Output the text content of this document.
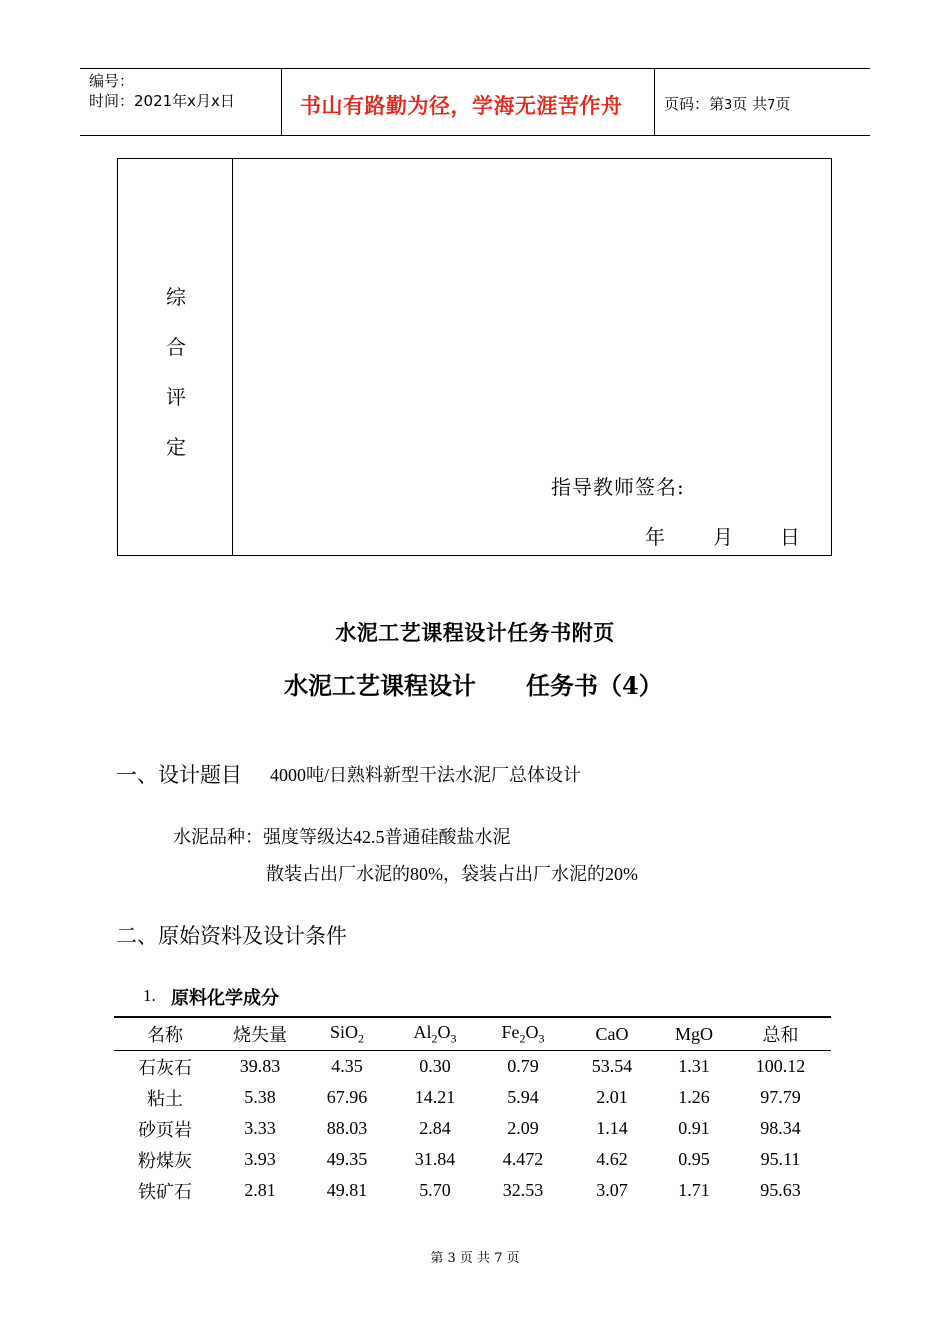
编号：
时间：2021年x月x日	书山有路勤为径，学海无涯苦作舟	页码：第3页 共7页
综
合
评
定
指导教师签名:
年 月 日
水泥工艺课程设计任务书附页
水泥工艺课程设计 任务书（4）
一、设计题目 4000吨/日熟料新型干法水泥厂总体设计
水泥品种：强度等级达42.5普通硅酸盐水泥
散装占出厂水泥的80%，袋装占出厂水泥的20%
二、原始资料及设计条件
1. 原料化学成分
名称	烧失量	SiO$_2$	$Al_2O_3$	$Fe_2O_3$	CaO	MgO	总和
石灰石	39.83	4.35	0.30	0.79	53.54	1.31	100.12
粘土	5.38	67.96	14.21	5.94	2.01	1.26	97.79
砂页岩	3.33	88.03	2.84	2.09	1.14	0.91	98.34
粉煤灰	3.93	49.35	31.84	4.472	4.62	0.95	95.11
铁矿石	2.81	49.81	5.70	32.53	3.07	1.71	95.63
第 3 页 共 7 页
